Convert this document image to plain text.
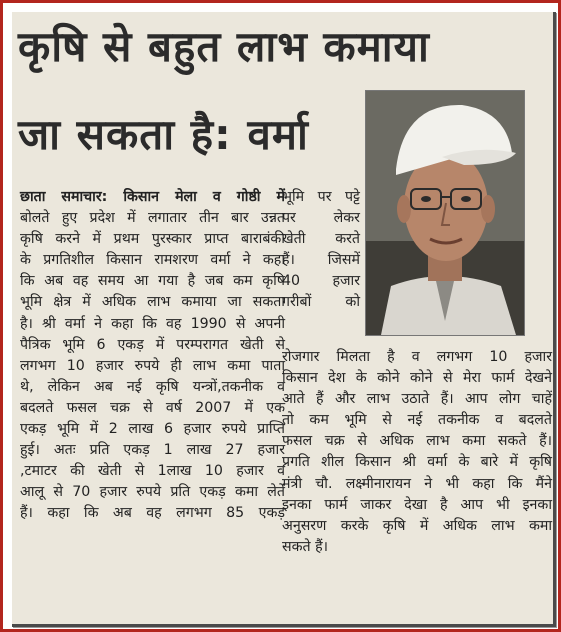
कृषि से बहुत लाभ कमाया
जा सकता है: वर्मा

छाता समाचार: किसान मेला व गोष्ठी में

बोलते हुए प्रदेश में लगातार तीन बार उन्नत

कृषि करने में प्रथम पुरस्कार प्राप्त बाराबंकी

के प्रगतिशील किसान रामशरण वर्मा ने कहा

कि अब वह समय आ गया है जब कम कृषि

भूमि क्षेत्र में अधिक लाभ कमाया जा सकता

है। श्री वर्मा ने कहा कि वह 1990 से अपनी

पैत्रिक भूमि 6 एकड़ में परम्परागत खेती से

लगभग 10 हजार रुपये ही लाभ कमा पाता

थे, लेकिन अब नई कृषि यन्त्रों,तकनीक व

बदलते फसल चक्र से वर्ष 2007 में एक

एकड़ भूमि में 2 लाख 6 हजार रुपये प्राप्ति

हुई। अतः प्रति एकड़ 1 लाख 27 हजार

,टमाटर की खेती से 1लाख 10 हजार व

आलू से 70 हजार रुपये प्रति एकड़ कमा लेते

हैं। कहा कि अब वह लगभग 85 एकड़

भूमि पर पट्टे

पर लेकर

खेती करते

हैं। जिसमें

40 हजार

गरीबों को

रोजगार मिलता है व लगभग 10 हजार

किसान देश के कोने कोने से मेरा फार्म देखने

आते हैं और लाभ उठाते हैं। आप लोग चाहें

तो कम भूमि से नई तकनीक व बदलते

फसल चक्र से अधिक लाभ कमा सकते हैं।

प्रगति शील किसान श्री वर्मा के बारे में कृषि

मंत्री चौ. लक्ष्मीनारायन ने भी कहा कि मैंने

इनका फार्म जाकर देखा है आप भी इनका

अनुसरण करके कृषि में अधिक लाभ कमा

सकते हैं।
